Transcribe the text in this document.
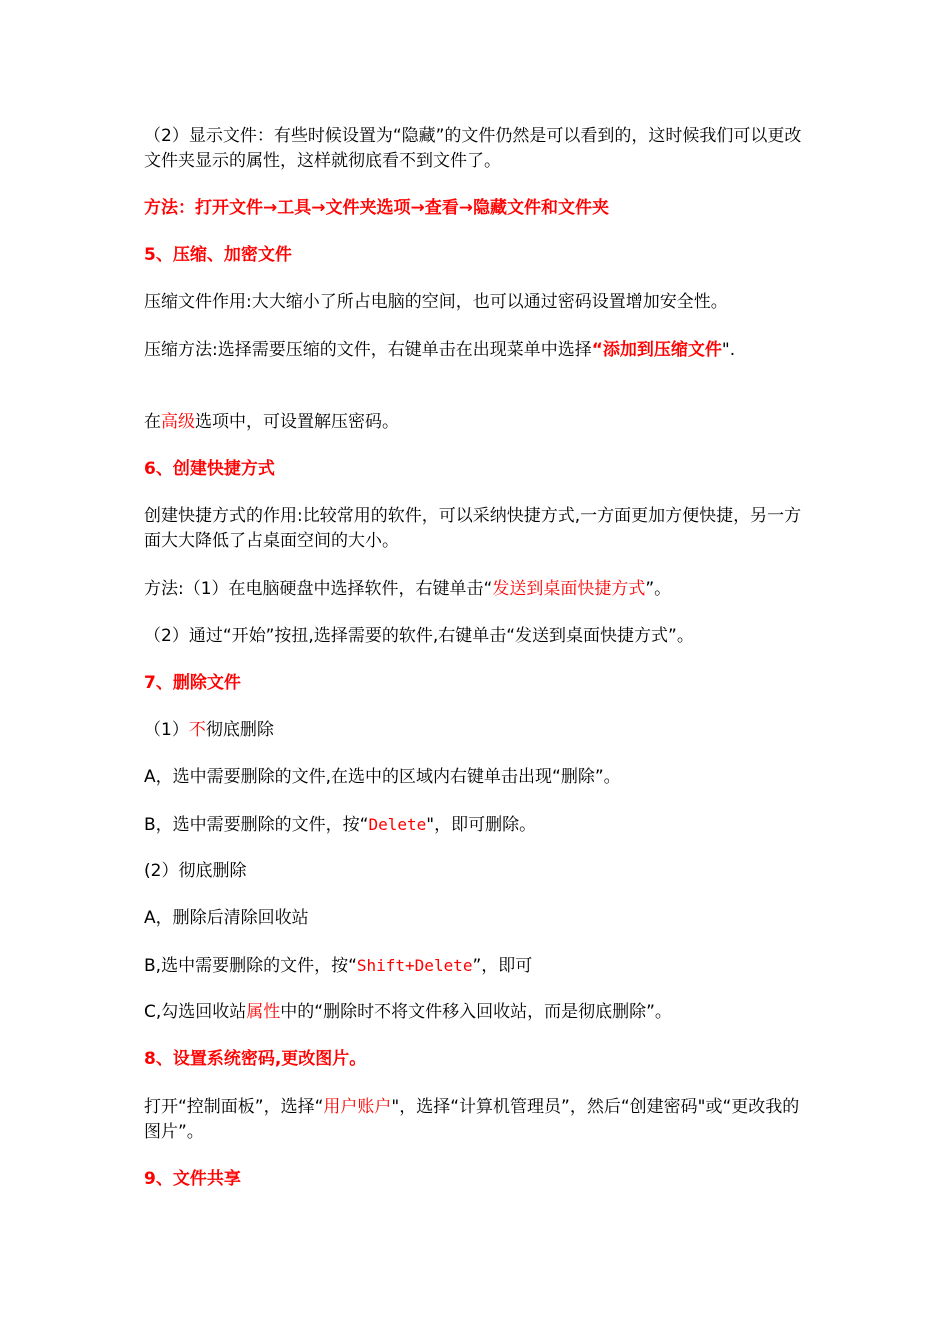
（2）显示文件：有些时候设置为“隐藏”的文件仍然是可以看到的，这时候我们可以更改文件夹显示的属性，这样就彻底看不到文件了。
方法：打开文件→工具→文件夹选项→查看→隐藏文件和文件夹
5、压缩、加密文件
压缩文件作用:大大缩小了所占电脑的空间，也可以通过密码设置增加安全性。
压缩方法:选择需要压缩的文件，右键单击在出现菜单中选择“添加到压缩文件".
在高级选项中，可设置解压密码。
6、创建快捷方式
创建快捷方式的作用:比较常用的软件，可以采纳快捷方式,一方面更加方便快捷，另一方面大大降低了占桌面空间的大小。
方法:（1）在电脑硬盘中选择软件，右键单击“发送到桌面快捷方式”。
（2）通过“开始”按扭,选择需要的软件,右键单击“发送到桌面快捷方式”。
7、删除文件
（1）不彻底删除
A，选中需要删除的文件,在选中的区域内右键单击出现“删除”。
B，选中需要删除的文件，按“Delete"，即可删除。
(2）彻底删除
A，删除后清除回收站
B,选中需要删除的文件，按“Shift+Delete”，即可
C,勾选回收站属性中的“删除时不将文件移入回收站，而是彻底删除”。
8、设置系统密码,更改图片。
打开“控制面板”，选择“用户账户"，选择“计算机管理员”，然后“创建密码"或“更改我的图片”。
9、文件共享
